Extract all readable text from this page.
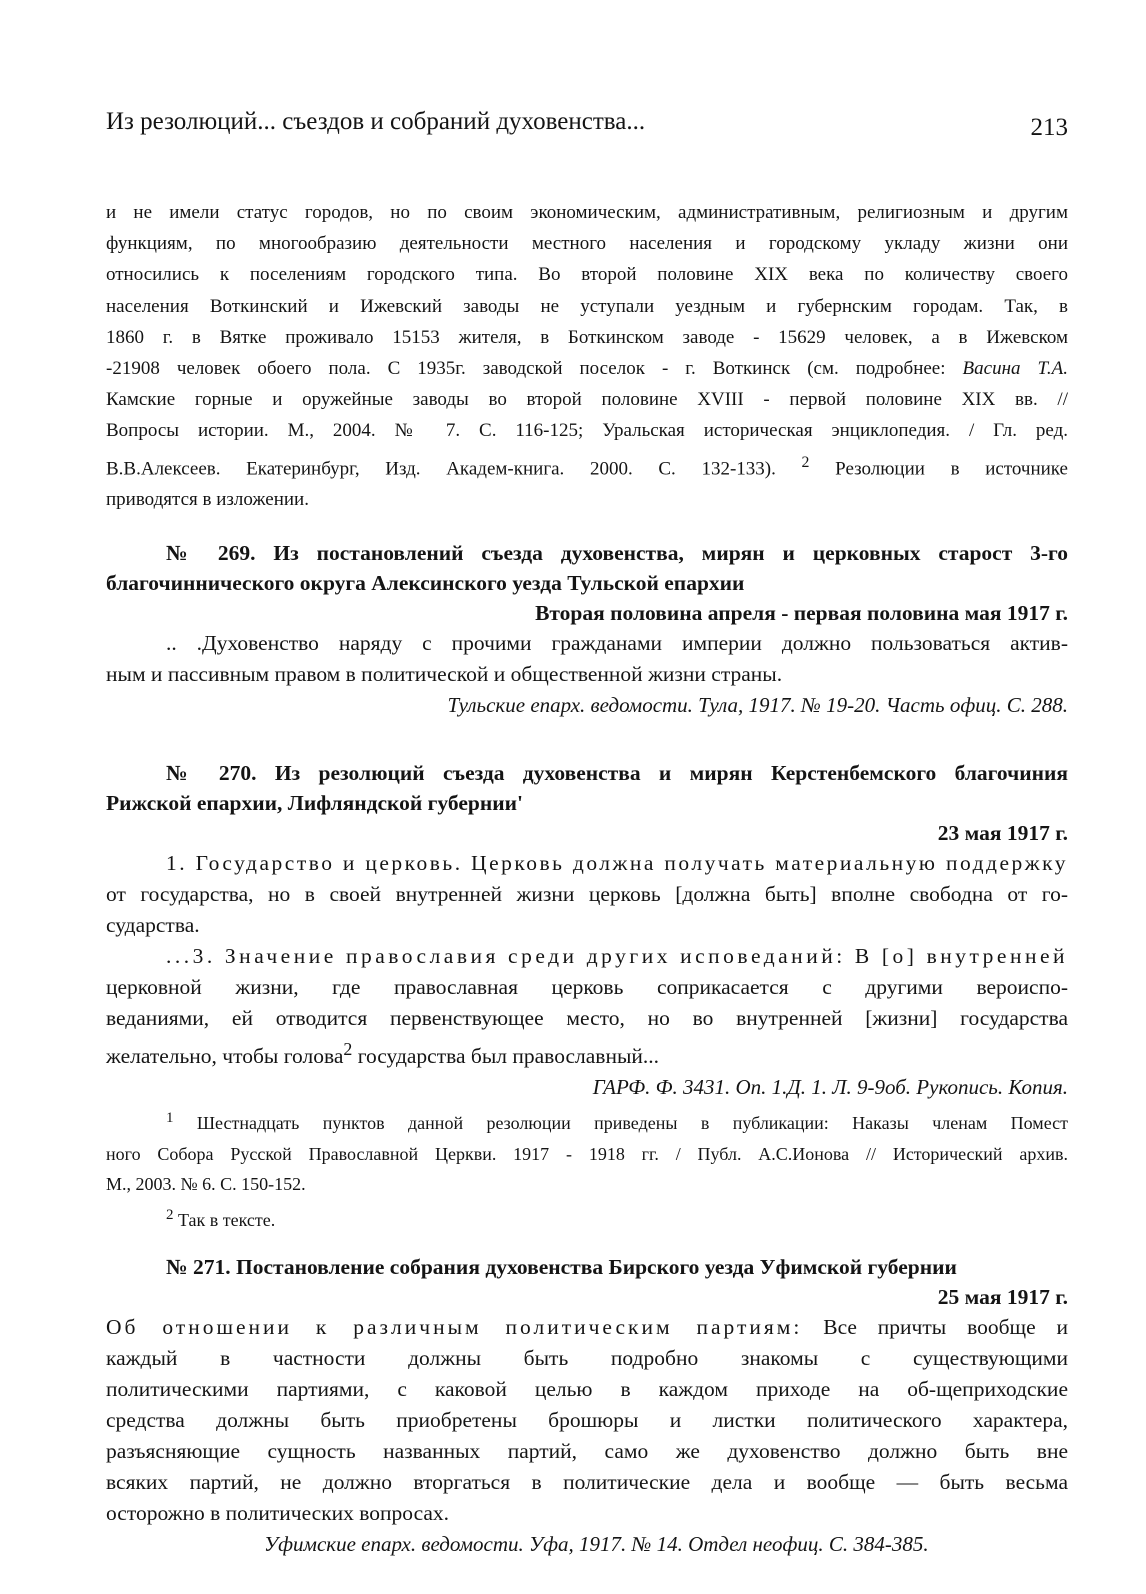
Из резолюций... съездов и собраний духовенства...	213

и не имели статус городов, но по своим экономическим, административным, религиозным и другим

функциям, по многообразию деятельности местного населения и городскому укладу жизни они

относились к поселениям городского типа. Во второй половине XIX века по количеству своего

населения Воткинский и Ижевский заводы не уступали уездным и губернским городам. Так, в

1860 г. в Вятке проживало 15153 жителя, в Боткинском заводе - 15629 человек, а в Ижевском

-21908 человек обоего пола. С 1935г. заводской поселок - г. Воткинск (см. подробнее: Васина Т.А.

Камские горные и оружейные заводы во второй половине XVIII - первой половине XIX вв. //

Вопросы истории. М., 2004. № 7. С. 116-125; Уральская историческая энциклопедия. / Гл. ред.

В.В.Алексеев. Екатеринбург, Изд. Академ-книга. 2000. С. 132-133). $^2$ Резолюции в источнике

приводятся в изложении.

№ 269. Из постановлений съезда духовенства, мирян и церковных старост 3-го

благочиннического округа Алексинского уезда Тульской епархии

Вторая половина апреля - первая половина мая 1917 г.

.. .Духовенство наряду с прочими гражданами империи должно пользоваться актив-

ным и пассивным правом в политической и общественной жизни страны.

Тульские епарх. ведомости. Тула, 1917. № 19-20. Часть офиц. С. 288.

№ 270. Из резолюций съезда духовенства и мирян Керстенбемского благочиния

Рижской епархии, Лифляндской губернии'

23 мая 1917 г.

1. Государство и церковь. Церковь должна получать материальную поддержку

от государства, но в своей внутренней жизни церковь [должна быть] вполне свободна от го-

сударства.

...3. Значение православия среди других исповеданий: В [о] внутренней

церковной жизни, где православная церковь соприкасается с другими вероиспо-

веданиями, ей отводится первенствующее место, но во внутренней [жизни] государства

желательно, чтобы голова$^2$ государства был православный...

ГАРФ. Ф. 3431. Оп. 1.Д. 1. Л. 9-9об. Рукопись. Копия.

$^1$ Шестнадцать пунктов данной резолюции приведены в публикации: Наказы членам Помест

ного Собора Русской Православной Церкви. 1917 - 1918 гг. / Публ. А.С.Ионова // Исторический архив.

М., 2003. № 6. С. 150-152.

$^2$ Так в тексте.

№ 271. Постановление собрания духовенства Бирского уезда Уфимской губернии

25 мая 1917 г.

Об отношении к различным политическим партиям: Все причты вообще и

каждый в частности должны быть подробно знакомы с существующими

политическими партиями, с каковой целью в каждом приходе на об-щеприходские

средства должны быть приобретены брошюры и листки политического характера,

разъясняющие сущность названных партий, само же духовенство должно быть вне

всяких партий, не должно вторгаться в политические дела и вообще — быть весьма

осторожно в политических вопросах.

Уфимские епарх. ведомости. Уфа, 1917. № 14. Отдел неофиц. С. 384-385.
